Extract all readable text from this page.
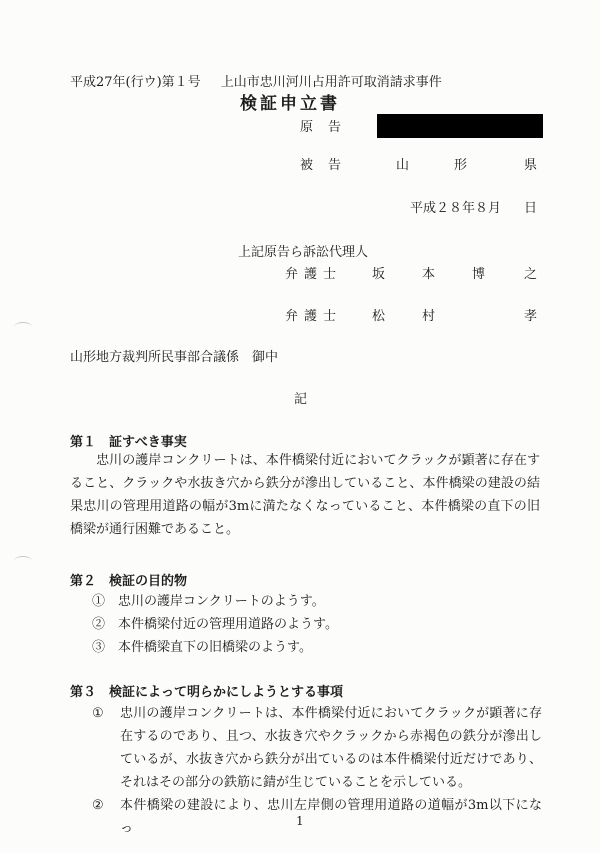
平成27年(行ウ)第１号 上山市忠川河川占用許可取消請求事件
検証申立書
原告
被告	山	形	県
平成２８年８月 日
上記原告ら訴訟代理人
弁護士 坂	本	博	之
弁護士 松	村	孝
山形地方裁判所民事部合議係　御中
記
第１　証すべき事実
忠川の護岸コンクリートは、本件橋梁付近においてクラックが顕著に存在すること、クラックや水抜き穴から鉄分が滲出していること、本件橋梁の建設の結果忠川の管理用道路の幅が3mに満たなくなっていること、本件橋梁の直下の旧橋梁が通行困難であること。
第２　検証の目的物
①　 忠川の護岸コンクリートのようす。
②　 本件橋梁付近の管理用道路のようす。
③　 本件橋梁直下の旧橋梁のようす。
第３　検証によって明らかにしようとする事項
①	忠川の護岸コンクリートは、本件橋梁付近においてクラックが顕著に存在するのであり、且つ、水抜き穴やクラックから赤褐色の鉄分が滲出しているが、水抜き穴から鉄分が出ているのは本件橋梁付近だけであり、それはその部分の鉄筋に錆が生じていることを示している。
②	本件橋梁の建設により、忠川左岸側の管理用道路の道幅が3m以下になっ	1
